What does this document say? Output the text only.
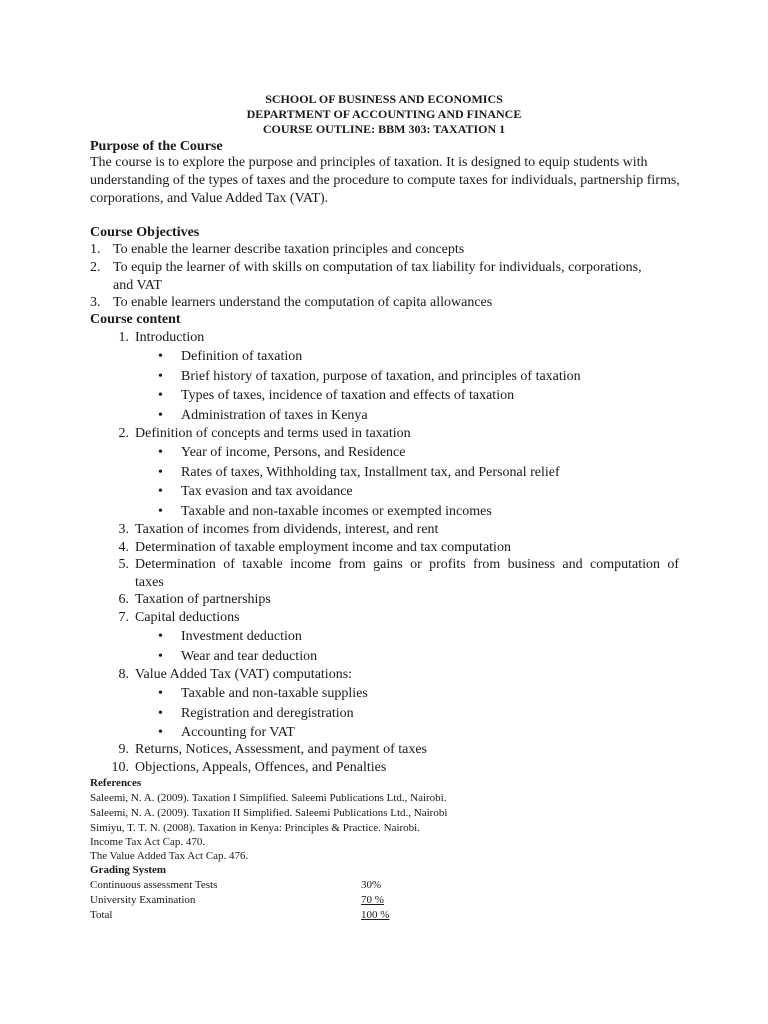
SCHOOL OF BUSINESS AND ECONOMICS
DEPARTMENT OF ACCOUNTING AND FINANCE
COURSE OUTLINE: BBM 303: TAXATION 1
Purpose of the Course
The course is to explore the purpose and principles of taxation. It is designed to equip students with understanding of the types of taxes and the procedure to compute taxes for individuals, partnership firms, corporations, and Value Added Tax (VAT).
Course Objectives
1. To enable the learner describe taxation principles and concepts
2. To equip the learner of with skills on computation of tax liability for individuals, corporations,
and VAT
3. To enable learners understand the computation of capita allowances
Course content
1. Introduction
• Definition of taxation
• Brief history of taxation, purpose of taxation, and principles of taxation
• Types of taxes, incidence of taxation and effects of taxation
• Administration of taxes in Kenya
2. Definition of concepts and terms used in taxation
• Year of income, Persons, and Residence
• Rates of taxes, Withholding tax, Installment tax, and Personal relief
• Tax evasion and tax avoidance
• Taxable and non-taxable incomes or exempted incomes
3. Taxation of incomes from dividends, interest, and rent
4. Determination of taxable employment income and tax computation
Determination of taxable income from gains or profits from business and computation of
5.
taxes
6. Taxation of partnerships
7. Capital deductions
• Investment deduction
• Wear and tear deduction
8. Value Added Tax (VAT) computations:
• Taxable and non-taxable supplies
• Registration and deregistration
• Accounting for VAT
9. Returns, Notices, Assessment, and payment of taxes
10. Objections, Appeals, Offences, and Penalties
References
Saleemi, N. A. (2009). Taxation I Simplified. Saleemi Publications Ltd., Nairobi.
Saleemi, N. A. (2009). Taxation II Simplified. Saleemi Publications Ltd., Nairobi
Simiyu, T. T. N. (2008). Taxation in Kenya: Principles & Practice. Nairobi.
Income Tax Act Cap. 470.
The Value Added Tax Act Cap. 476.
Grading System
Continuous assessment Tests	30%
University Examination	70 %
Total	100 %
